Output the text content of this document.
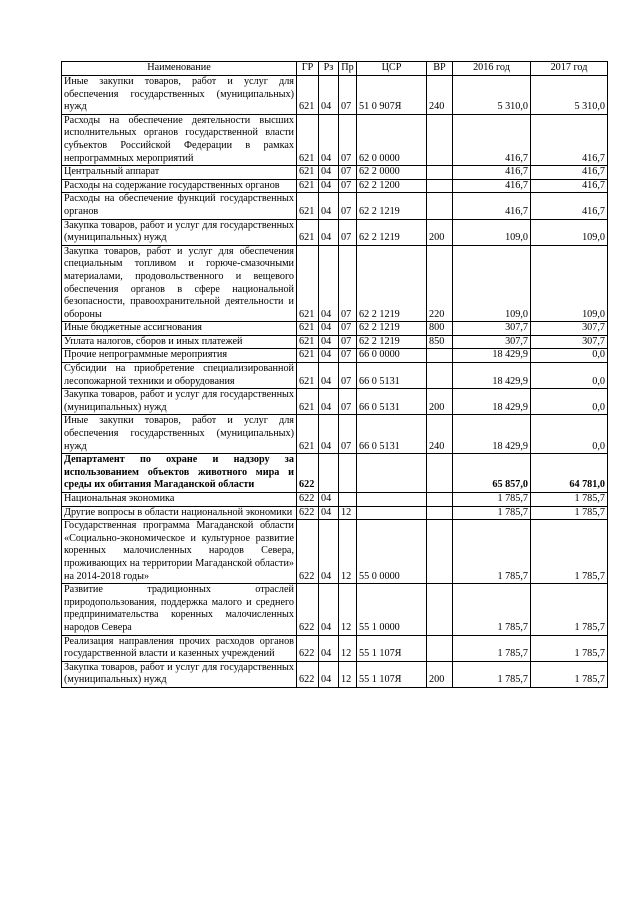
Наименование	ГР	Рз	Пр	ЦСР	ВР	2016 год	2017 год

Иные закупки товаров, работ и услуг для обеспечения государственных (муниципальных) нужд	621	04	07	51 0 907Я	240	5 310,0	5 310,0

Расходы на обеспечение деятельности высших исполнительных органов государственной власти субъектов Российской Федерации в рамках непрограммных мероприятий	621	04	07	62 0 0000		416,7	416,7

Центральный аппарат	621	04	07	62 2 0000		416,7	416,7

Расходы на содержание государственных органов	621	04	07	62 2 1200		416,7	416,7

Расходы на обеспечение функций государственных органов	621	04	07	62 2 1219		416,7	416,7

Закупка товаров, работ и услуг для государственных (муниципальных) нужд	621	04	07	62 2 1219	200	109,0	109,0

Закупка товаров, работ и услуг для обеспечения специальным топливом и горюче-смазочными материалами, продовольственного и вещевого обеспечения органов в сфере национальной безопасности, правоохранительной деятельности и обороны	621	04	07	62 2 1219	220	109,0	109,0

Иные бюджетные ассигнования	621	04	07	62 2 1219	800	307,7	307,7

Уплата налогов, сборов и иных платежей	621	04	07	62 2 1219	850	307,7	307,7

Прочие непрограммные мероприятия	621	04	07	66 0 0000		18 429,9	0,0

Субсидии на приобретение специализированной лесопожарной техники и оборудования	621	04	07	66 0 5131		18 429,9	0,0

Закупка товаров, работ и услуг для государственных (муниципальных) нужд	621	04	07	66 0 5131	200	18 429,9	0,0

Иные закупки товаров, работ и услуг для обеспечения государственных (муниципальных) нужд	621	04	07	66 0 5131	240	18 429,9	0,0

Департамент по охране и надзору за использованием объектов животного мира и среды их обитания Магаданской области	622					65 857,0	64 781,0

Национальная экономика	622	04				1 785,7	1 785,7

Другие вопросы в области национальной экономики	622	04	12			1 785,7	1 785,7

Государственная программа Магаданской области «Социально-экономическое и культурное развитие коренных малочисленных народов Севера, проживающих на территории Магаданской области» на 2014-2018 годы»	622	04	12	55 0 0000		1 785,7	1 785,7

Развитие традиционных отраслей природопользования, поддержка малого и среднего предпринимательства коренных малочисленных народов Севера	622	04	12	55 1 0000		1 785,7	1 785,7

Реализация направления прочих расходов органов государственной власти и казенных учреждений	622	04	12	55 1 107Я		1 785,7	1 785,7

Закупка товаров, работ и услуг для государственных (муниципальных) нужд	622	04	12	55 1 107Я	200	1 785,7	1 785,7
